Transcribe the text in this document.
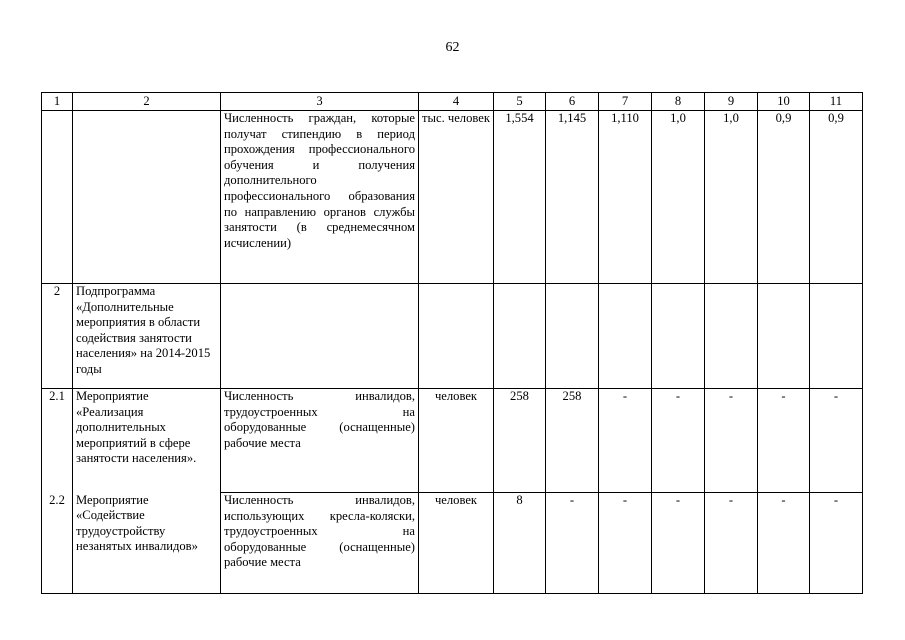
62
1	2	3	4	5	6	7	8	9	10	11
		Численность граждан, которые получат стипендию в период прохождения профессионального обучения и получения дополнительного профессионального образования по направлению органов службы занятости (в среднемесячном исчислении)	тыс. человек	1,554	1,145	1,110	1,0	1,0	0,9	0,9
2	Подпрограмма «Дополнительные мероприятия в области содействия занятости населения» на 2014-2015 годы									
2.1	Мероприятие «Реализация дополнительных мероприятий в сфере занятости населения».	Численность инвалидов, трудоустроенных на оборудованные (оснащенные) рабочие места	человек	258	258	-	-	-	-	-
2.2	Мероприятие «Содействие трудоустройству незанятых инвалидов»	Численность инвалидов, использующих кресла-коляски, трудоустроенных на оборудованные (оснащенные) рабочие места	человек	8	-	-	-	-	-	-
